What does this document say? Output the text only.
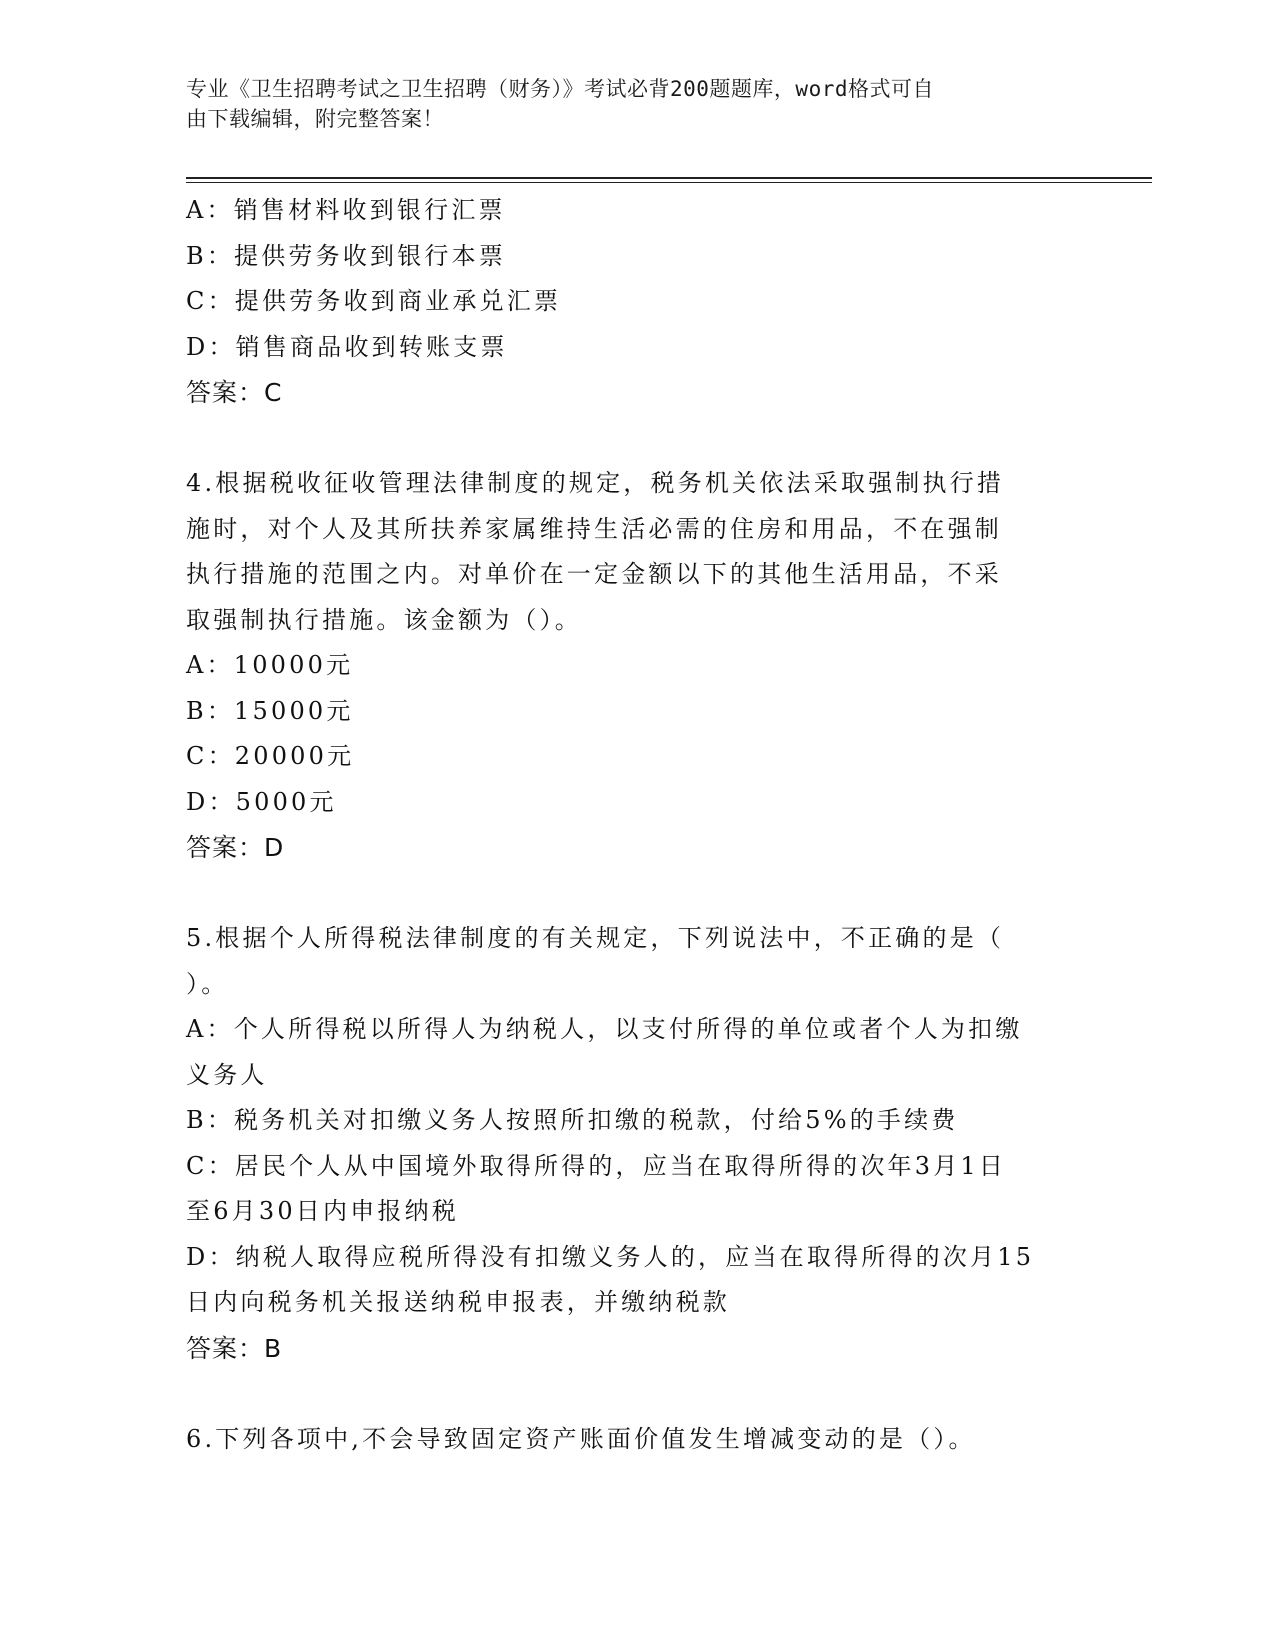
专业《卫生招聘考试之卫生招聘（财务）》考试必背200题题库，word格式可自
由下载编辑，附完整答案！
A：销售材料收到银行汇票
B：提供劳务收到银行本票
C：提供劳务收到商业承兑汇票
D：销售商品收到转账支票
答案：C
4.根据税收征收管理法律制度的规定，税务机关依法采取强制执行措
施时，对个人及其所扶养家属维持生活必需的住房和用品，不在强制
执行措施的范围之内。对单价在一定金额以下的其他生活用品，不采
取强制执行措施。该金额为（）。
A：10000元
B：15000元
C：20000元
D：5000元
答案：D
5.根据个人所得税法律制度的有关规定，下列说法中，不正确的是（
）。
A：个人所得税以所得人为纳税人，以支付所得的单位或者个人为扣缴
义务人
B：税务机关对扣缴义务人按照所扣缴的税款，付给5%的手续费
C：居民个人从中国境外取得所得的，应当在取得所得的次年3月1日
至6月30日内申报纳税
D：纳税人取得应税所得没有扣缴义务人的，应当在取得所得的次月15
日内向税务机关报送纳税申报表，并缴纳税款
答案：B
6.下列各项中,不会导致固定资产账面价值发生增减变动的是（）。
